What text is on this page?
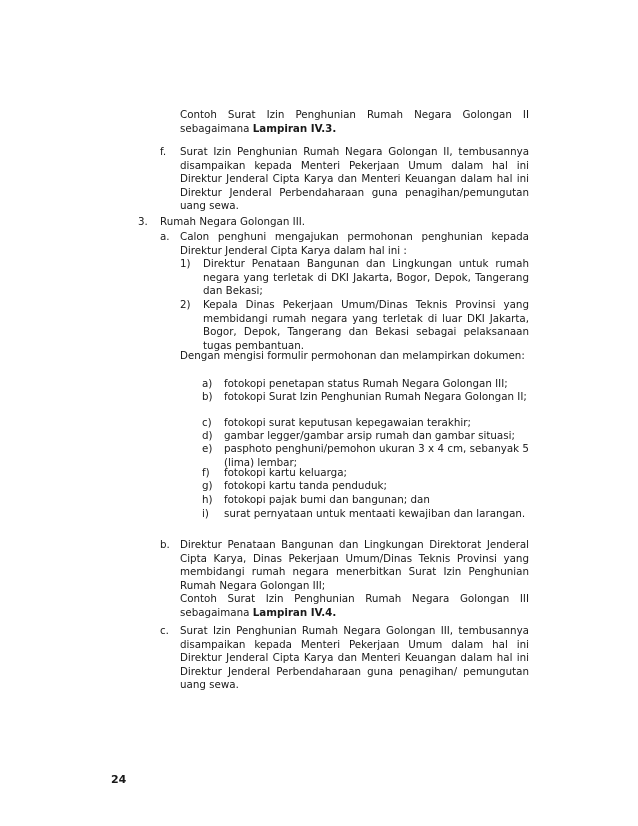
Contoh Surat Izin Penghunian Rumah Negara Golongan II sebagaimana Lampiran IV.3.
f. Surat Izin Penghunian Rumah Negara Golongan II, tembusannya disampaikan kepada Menteri Pekerjaan Umum dalam hal ini Direktur Jenderal Cipta Karya dan Menteri Keuangan dalam hal ini Direktur Jenderal Perbendaharaan guna penagihan/pemungutan uang sewa.
3. Rumah Negara Golongan III.
a. Calon penghuni mengajukan permohonan penghunian kepada Direktur Jenderal Cipta Karya dalam hal ini :
1) Direktur Penataan Bangunan dan Lingkungan untuk rumah negara yang terletak di DKI Jakarta, Bogor, Depok, Tangerang dan Bekasi;
2) Kepala Dinas Pekerjaan Umum/Dinas Teknis Provinsi yang membidangi rumah negara yang terletak di luar DKI Jakarta, Bogor, Depok, Tangerang dan Bekasi sebagai pelaksanaan tugas pembantuan.
Dengan mengisi formulir permohonan dan melampirkan dokumen:
a) fotokopi penetapan status Rumah Negara Golongan III;
b) fotokopi Surat Izin Penghunian Rumah Negara Golongan II;
c) fotokopi surat keputusan kepegawaian terakhir;
d) gambar legger/gambar arsip rumah dan gambar situasi;
e) pasphoto penghuni/pemohon ukuran 3 x 4 cm, sebanyak 5 (lima) lembar;
f) fotokopi kartu keluarga;
g) fotokopi kartu tanda penduduk;
h) fotokopi pajak bumi dan bangunan; dan
i) surat pernyataan untuk mentaati kewajiban dan larangan.
b. Direktur Penataan Bangunan dan Lingkungan Direktorat Jenderal Cipta Karya, Dinas Pekerjaan Umum/Dinas Teknis Provinsi yang membidangi rumah negara menerbitkan Surat Izin Penghunian Rumah Negara Golongan III;
Contoh Surat Izin Penghunian Rumah Negara Golongan III sebagaimana Lampiran IV.4.
c. Surat Izin Penghunian Rumah Negara Golongan III, tembusannya disampaikan kepada Menteri Pekerjaan Umum dalam hal ini Direktur Jenderal Cipta Karya dan Menteri Keuangan dalam hal ini Direktur Jenderal Perbendaharaan guna penagihan/ pemungutan uang sewa.
24
